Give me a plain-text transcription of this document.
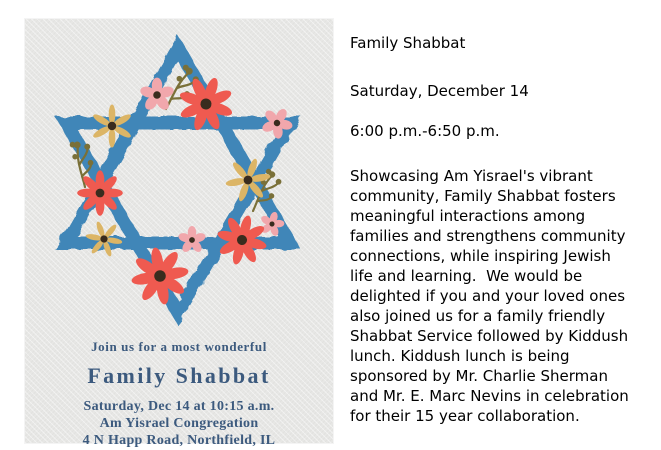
Join us for a most wonderful
Family Shabbat
Saturday, Dec 14 at 10:15 a.m.
Am Yisrael Congregation
4 N Happ Road, Northfield, IL
Family Shabbat
Saturday, December 14
6:00 p.m.-6:50 p.m.

Showcasing Am Yisrael's vibrant community, Family Shabbat fosters meaningful interactions among families and strengthens community connections, while inspiring Jewish life and learning.  We would be delighted if you and your loved ones also joined us for a family friendly Shabbat Service followed by Kiddush lunch. Kiddush lunch is being sponsored by Mr. Charlie Sherman and Mr. E. Marc Nevins in celebration for their 15 year collaboration.
